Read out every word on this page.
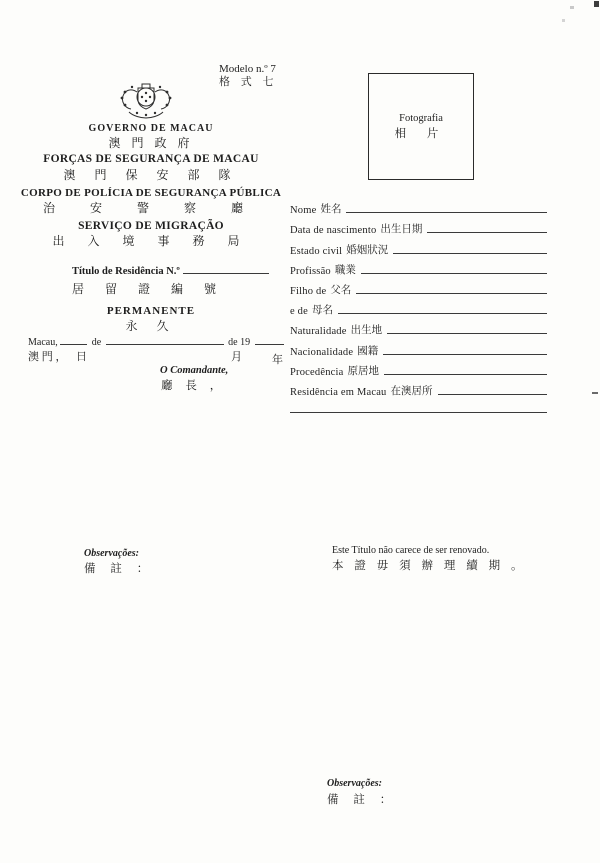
Modelo n.º 7
格 式 七
GOVERNO DE MACAU
澳 門 政 府
FORÇAS DE SEGURANÇA DE MACAU
澳 門 保 安 部 隊
CORPO DE POLÍCIA DE SEGURANÇA PÚBLICA
治 安 警 察 廳
SERVIÇO DE MIGRAÇÃO
出 入 境 事 務 局
PERMANENTE
永 久
Título de Residência N.º
居 留 證 編 號
Macau,	de	de 19
澳 門 ， 日	月	年
O Comandante,
廳 長 ，
Fotografia
相 片
Nome 姓名
Data de nascimento 出生日期
Estado civil 婚姻狀況
Profissão 職業
Filho de 父名
e de 母名
Naturalidade 出生地
Nacionalidade 國籍
Procedência 原居地
Residência em Macau 在澳居所
Observações:
備 註 ：
Este Título não carece de ser renovado.
本 證 毋 須 辦 理 續 期 。
Observações:
備 註 ：
